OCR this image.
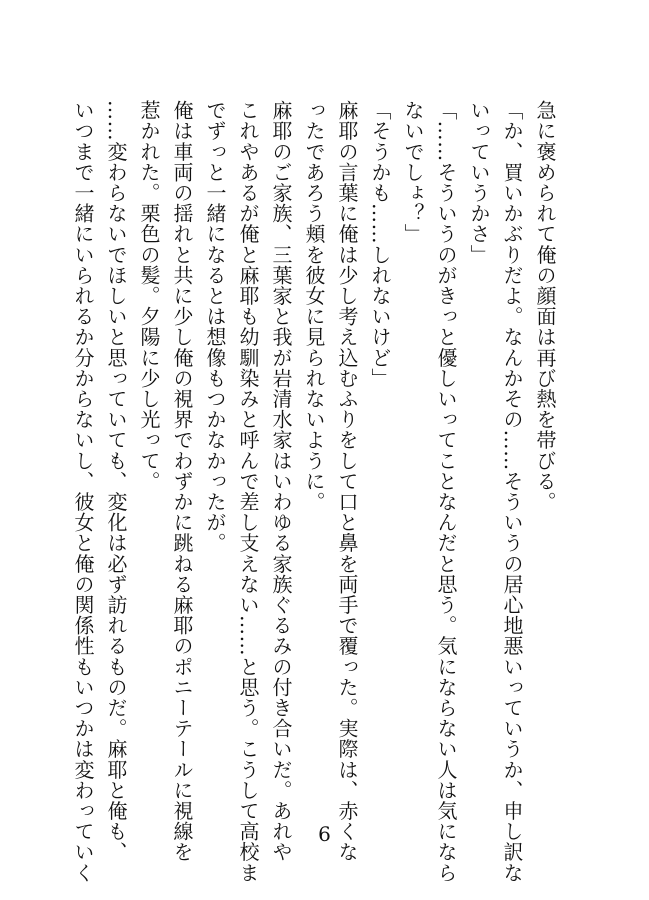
急に褒められて俺の顔面は再び熱を帯びる。
「か、買いかぶりだよ。なんかその……そういうの居心地悪いっていうか、申し訳な
いっていうかさ」
「……そういうのがきっと優しいってことなんだと思う。気にならない人は気になら
ないでしょ？」
「そうかも……しれないけど」
麻耶の言葉に俺は少し考え込むふりをして口と鼻を両手で覆った。実際は、赤くな
ったであろう頬を彼女に見られないように。
麻耶のご家族、三葉家と我が岩清水家はいわゆる家族ぐるみの付き合いだ。あれや
これやあるが俺と麻耶も幼馴染みと呼んで差し支えない……と思う。こうして高校ま
でずっと一緒になるとは想像もつかなかったが。
俺は車両の揺れと共に少し俺の視界でわずかに跳ねる麻耶のポニーテールに視線を
惹かれた。栗色の髪。夕陽に少し光って。
……変わらないでほしいと思っていても、変化は必ず訪れるものだ。麻耶と俺も、
いつまで一緒にいられるか分からないし、彼女と俺の関係性もいつかは変わっていく	6
